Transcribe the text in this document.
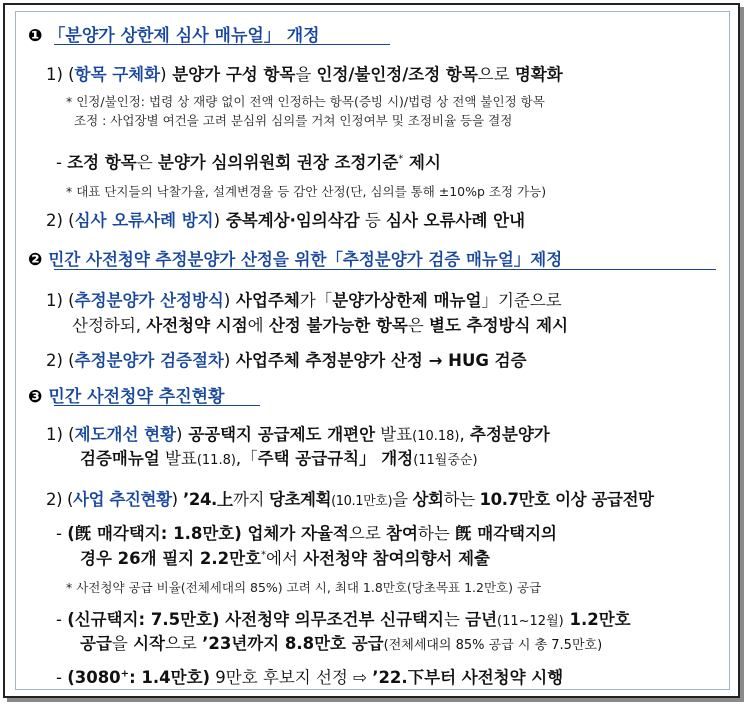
❶ 「분양가 상한제 심사 매뉴얼」 개정
1) (항목 구체화) 분양가 구성 항목을 인정/불인정/조정 항목으로 명확화
* 인정/불인정: 법령 상 재량 없이 전액 인정하는 항목(증빙 시)/법령 상 전액 불인정 항목
조정 : 사업장별 여건을 고려 분심위 심의를 거쳐 인정여부 및 조정비율 등을 결정
- 조정 항목은 분양가 심의위원회 권장 조정기준* 제시
* 대표 단지들의 낙찰가율, 설계변경율 등 감안 산정(단, 심의를 통해 ±10%p 조정 가능)
2) (심사 오류사례 방지) 중복계상·임의삭감 등 심사 오류사례 안내
❷ 민간 사전청약 추정분양가 산정을 위한「추정분양가 검증 매뉴얼」제정
1) (추정분양가 산정방식) 사업주체가「분양가상한제 매뉴얼」기준으로
산정하되, 사전청약 시점에 산정 불가능한 항목은 별도 추정방식 제시
2) (추정분양가 검증절차) 사업주체 추정분양가 산정 → HUG 검증
❸ 민간 사전청약 추진현황
1) (제도개선 현황) 공공택지 공급제도 개편안 발표(10.18), 추정분양가
검증매뉴얼 발표(11.8),「주택 공급규칙」 개정(11월중순)
2) (사업 추진현황) ’24.上까지 당초계획(10.1만호)을 상회하는 10.7만호 이상 공급전망
- (旣 매각택지: 1.8만호) 업체가 자율적으로 참여하는 旣 매각택지의
경우 26개 필지 2.2만호*에서 사전청약 참여의향서 제출
* 사전청약 공급 비율(전체세대의 85%) 고려 시, 최대 1.8만호(당초목표 1.2만호) 공급
- (신규택지: 7.5만호) 사전청약 의무조건부 신규택지는 금년(11~12월) 1.2만호
공급을 시작으로 ’23년까지 8.8만호 공급(전체세대의 85% 공급 시 총 7.5만호)
- (3080+: 1.4만호) 9만호 후보지 선정 ⇨ ’22.下부터 사전청약 시행
